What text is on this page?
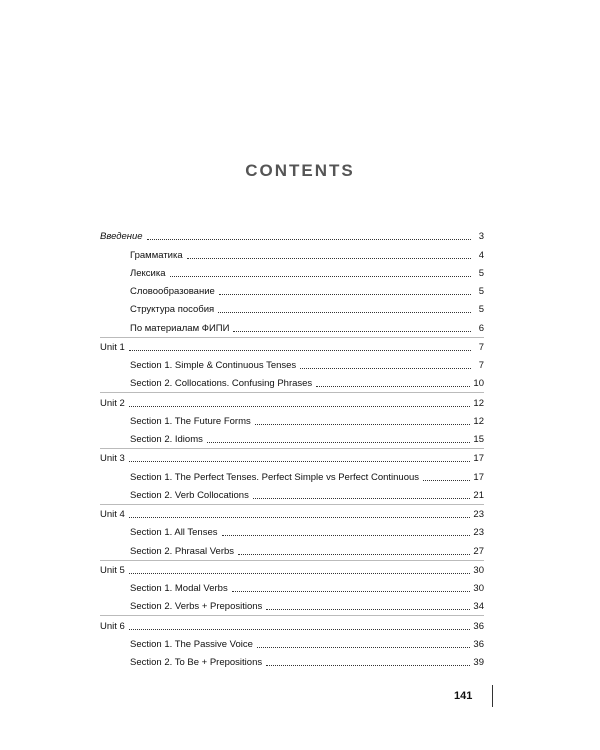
CONTENTS
Введение	3
Грамматика	4
Лексика	5
Словообразование	5
Структура пособия	5
По материалам ФИПИ	6
Unit 1	7
Section 1. Simple & Continuous Tenses	7
Section 2. Collocations. Confusing Phrases	10
Unit 2	12
Section 1. The Future Forms	12
Section 2. Idioms	15
Unit 3	17
Section 1. The Perfect Tenses. Perfect Simple vs Perfect Continuous	17
Section 2. Verb Collocations	21
Unit 4	23
Section 1. All Tenses	23
Section 2. Phrasal Verbs	27
Unit 5	30
Section 1. Modal Verbs	30
Section 2. Verbs + Prepositions	34
Unit 6	36
Section 1. The Passive Voice	36
Section 2. To Be + Prepositions	39
141
